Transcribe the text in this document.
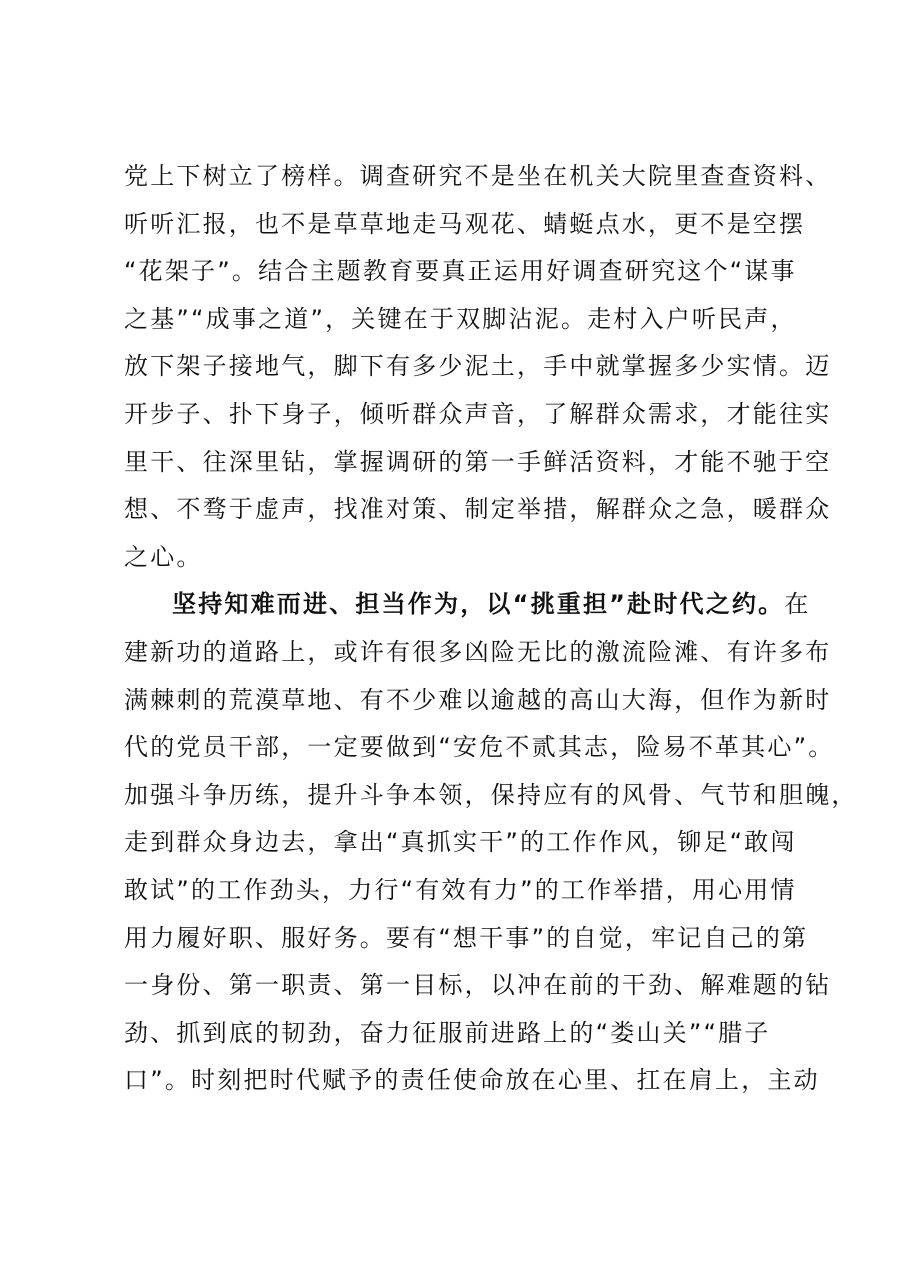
党上下树立了榜样。调查研究不是坐在机关大院里查查资料、
听听汇报，也不是草草地走马观花、蜻蜓点水，更不是空摆
“花架子”。结合主题教育要真正运用好调查研究这个“谋事
之基”“成事之道”，关键在于双脚沾泥。走村入户听民声，
放下架子接地气，脚下有多少泥土，手中就掌握多少实情。迈
开步子、扑下身子，倾听群众声音，了解群众需求，才能往实
里干、往深里钻，掌握调研的第一手鲜活资料，才能不驰于空
想、不骛于虚声，找准对策、制定举措，解群众之急，暖群众
之心。
坚持知难而进、担当作为，以“挑重担”赴时代之约。在
建新功的道路上，或许有很多凶险无比的激流险滩、有许多布
满棘刺的荒漠草地、有不少难以逾越的高山大海，但作为新时
代的党员干部，一定要做到“安危不贰其志，险易不革其心”。
加强斗争历练，提升斗争本领，保持应有的风骨、气节和胆魄，
走到群众身边去，拿出“真抓实干”的工作作风，铆足“敢闯
敢试”的工作劲头，力行“有效有力”的工作举措，用心用情
用力履好职、服好务。要有“想干事”的自觉，牢记自己的第
一身份、第一职责、第一目标，以冲在前的干劲、解难题的钻
劲、抓到底的韧劲，奋力征服前进路上的“娄山关”“腊子
口”。时刻把时代赋予的责任使命放在心里、扛在肩上，主动
